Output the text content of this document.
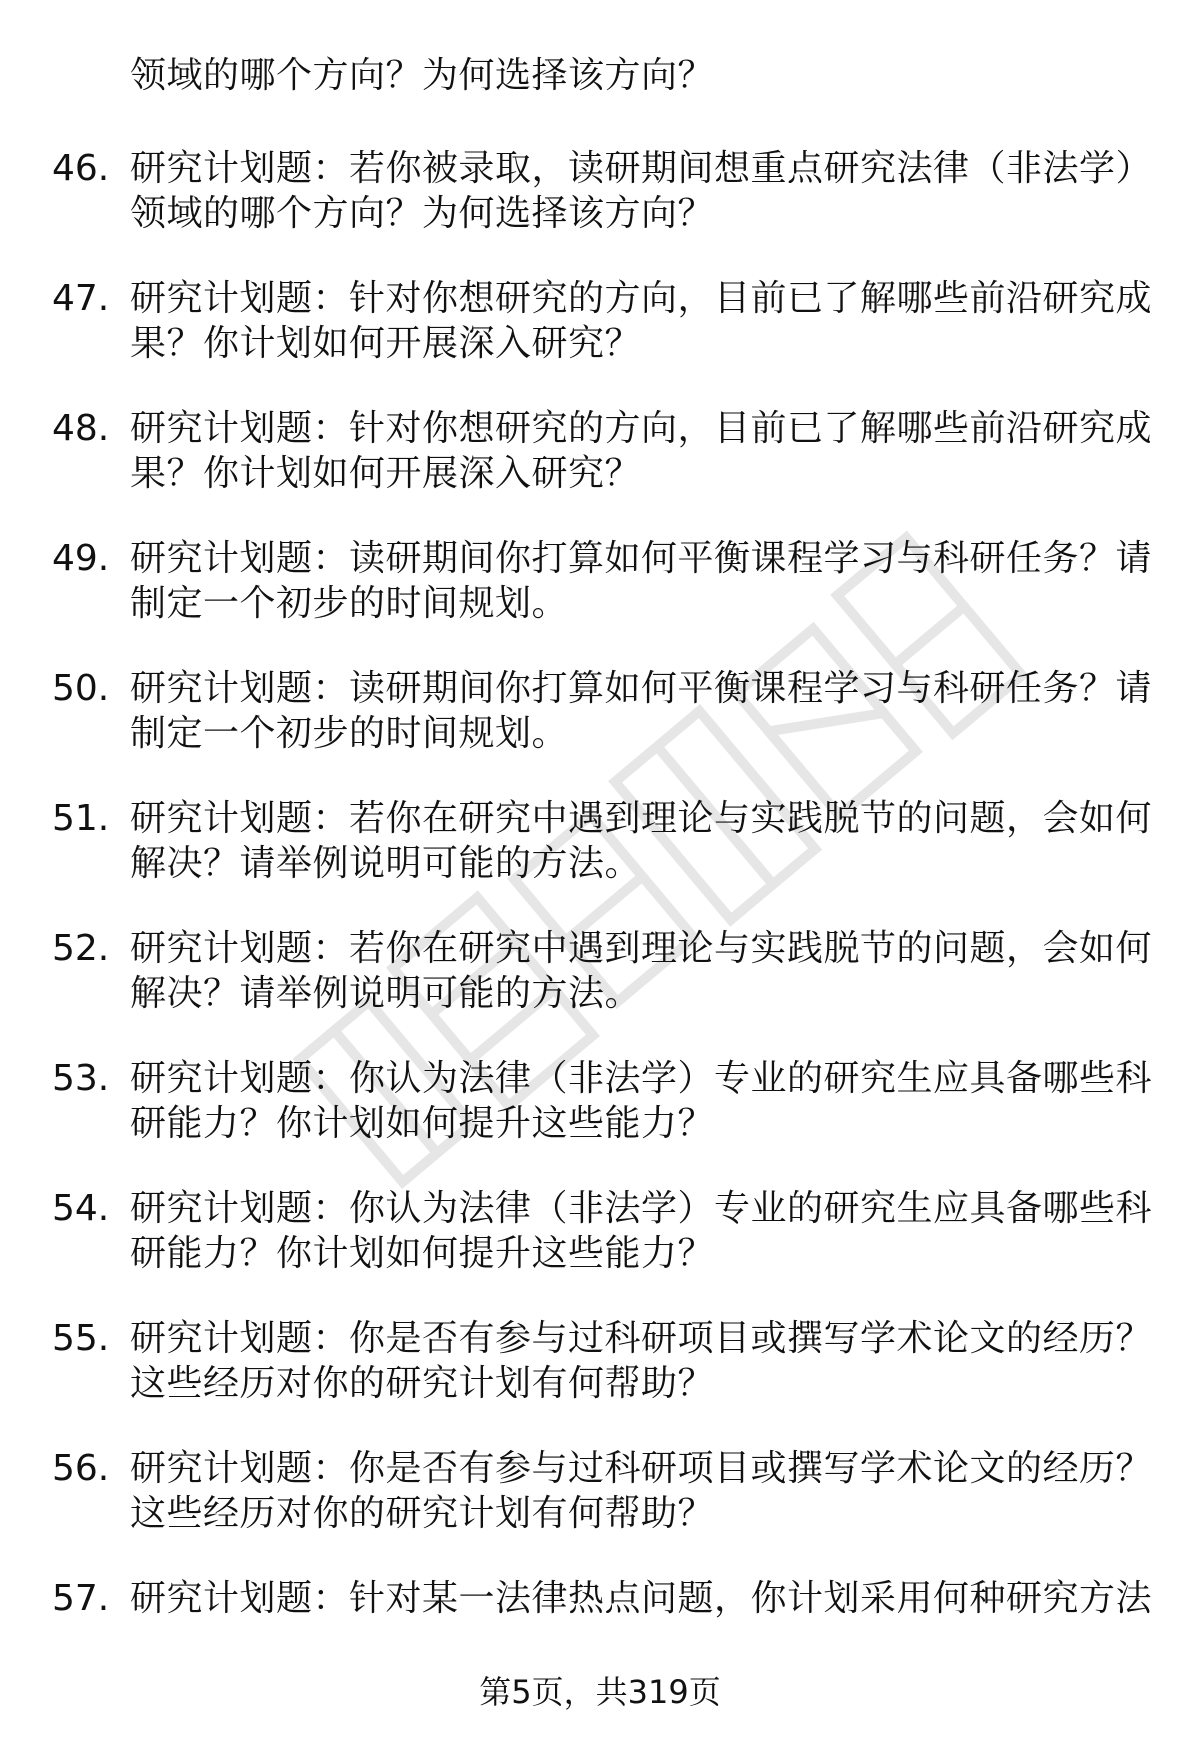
领域的哪个方向？为何选择该方向？
46. 研究计划题：若你被录取，读研期间想重点研究法律（非法学）
领域的哪个方向？为何选择该方向？
47. 研究计划题：针对你想研究的方向，目前已了解哪些前沿研究成
果？你计划如何开展深入研究？
48. 研究计划题：针对你想研究的方向，目前已了解哪些前沿研究成
果？你计划如何开展深入研究？
49. 研究计划题：读研期间你打算如何平衡课程学习与科研任务？请
制定一个初步的时间规划。
50. 研究计划题：读研期间你打算如何平衡课程学习与科研任务？请
制定一个初步的时间规划。
51. 研究计划题：若你在研究中遇到理论与实践脱节的问题，会如何
解决？请举例说明可能的方法。
52. 研究计划题：若你在研究中遇到理论与实践脱节的问题，会如何
解决？请举例说明可能的方法。
53. 研究计划题：你认为法律（非法学）专业的研究生应具备哪些科
研能力？你计划如何提升这些能力？
54. 研究计划题：你认为法律（非法学）专业的研究生应具备哪些科
研能力？你计划如何提升这些能力？
55. 研究计划题：你是否有参与过科研项目或撰写学术论文的经历？
这些经历对你的研究计划有何帮助？
56. 研究计划题：你是否有参与过科研项目或撰写学术论文的经历？
这些经历对你的研究计划有何帮助？
57. 研究计划题：针对某一法律热点问题，你计划采用何种研究方法
第5页，共319页
